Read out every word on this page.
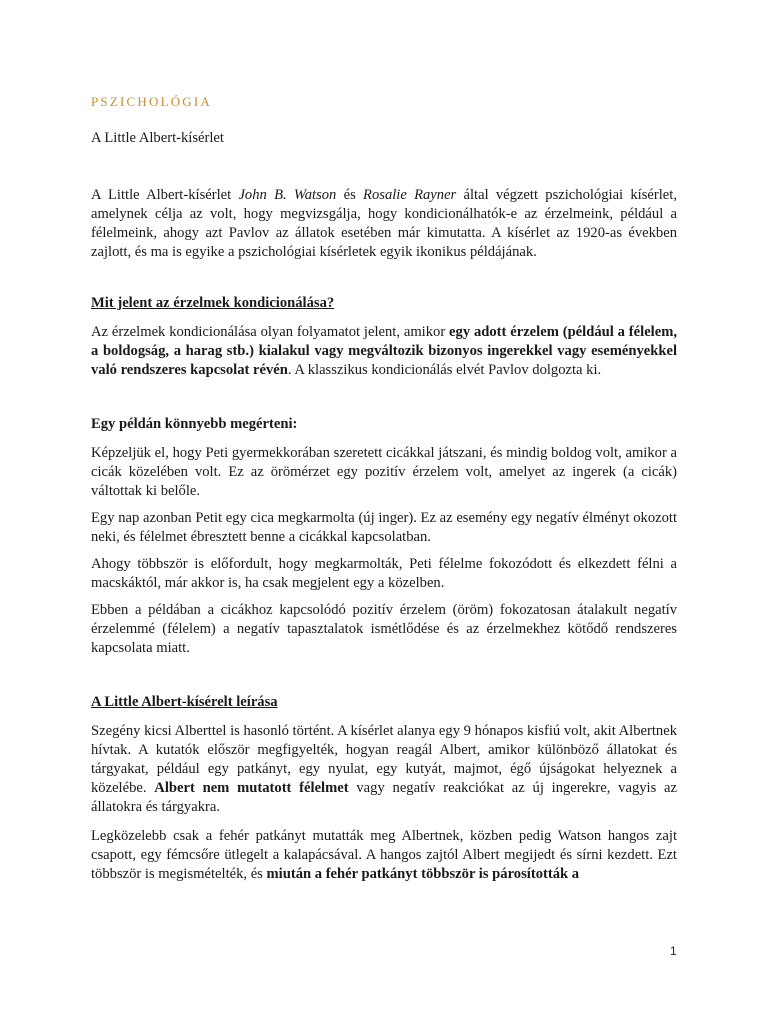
PSZICHOLÓGIA
A Little Albert-kísérlet

A Little Albert-kísérlet John B. Watson és Rosalie Rayner által végzett pszichológiai kísérlet, amelynek célja az volt, hogy megvizsgálja, hogy kondicionálhatók-e az érzelmeink, például a félelmeink, ahogy azt Pavlov az állatok esetében már kimutatta. A kísérlet az 1920-as években zajlott, és ma is egyike a pszichológiai kísérletek egyik ikonikus példájának.

Mit jelent az érzelmek kondicionálása?

Az érzelmek kondicionálása olyan folyamatot jelent, amikor egy adott érzelem (például a félelem, a boldogság, a harag stb.) kialakul vagy megváltozik bizonyos ingerekkel vagy eseményekkel való rendszeres kapcsolat révén. A klasszikus kondicionálás elvét Pavlov dolgozta ki.

Egy példán könnyebb megérteni:

Képzeljük el, hogy Peti gyermekkorában szeretett cicákkal játszani, és mindig boldog volt, amikor a cicák közelében volt. Ez az örömérzet egy pozitív érzelem volt, amelyet az ingerek (a cicák) váltottak ki belőle.

Egy nap azonban Petit egy cica megkarmolta (új inger). Ez az esemény egy negatív élményt okozott neki, és félelmet ébresztett benne a cicákkal kapcsolatban.

Ahogy többször is előfordult, hogy megkarmolták, Peti félelme fokozódott és elkezdett félni a macskáktól, már akkor is, ha csak megjelent egy a közelben.

Ebben a példában a cicákhoz kapcsolódó pozitív érzelem (öröm) fokozatosan átalakult negatív érzelemmé (félelem) a negatív tapasztalatok ismétlődése és az érzelmekhez kötődő rendszeres kapcsolata miatt.

A Little Albert-kísérelt leírása

Szegény kicsi Alberttel is hasonló történt. A kísérlet alanya egy 9 hónapos kisfiú volt, akit Albertnek hívtak. A kutatók először megfigyelték, hogyan reagál Albert, amikor különböző állatokat és tárgyakat, például egy patkányt, egy nyulat, egy kutyát, majmot, égő újságokat helyeznek a közelébe. Albert nem mutatott félelmet vagy negatív reakciókat az új ingerekre, vagyis az állatokra és tárgyakra.

Legközelebb csak a fehér patkányt mutatták meg Albertnek, közben pedig Watson hangos zajt csapott, egy fémcsőre ütlegelt a kalapácsával. A hangos zajtól Albert megijedt és sírni kezdett. Ezt többször is megismételték, és miután a fehér patkányt többször is párosították a

1
